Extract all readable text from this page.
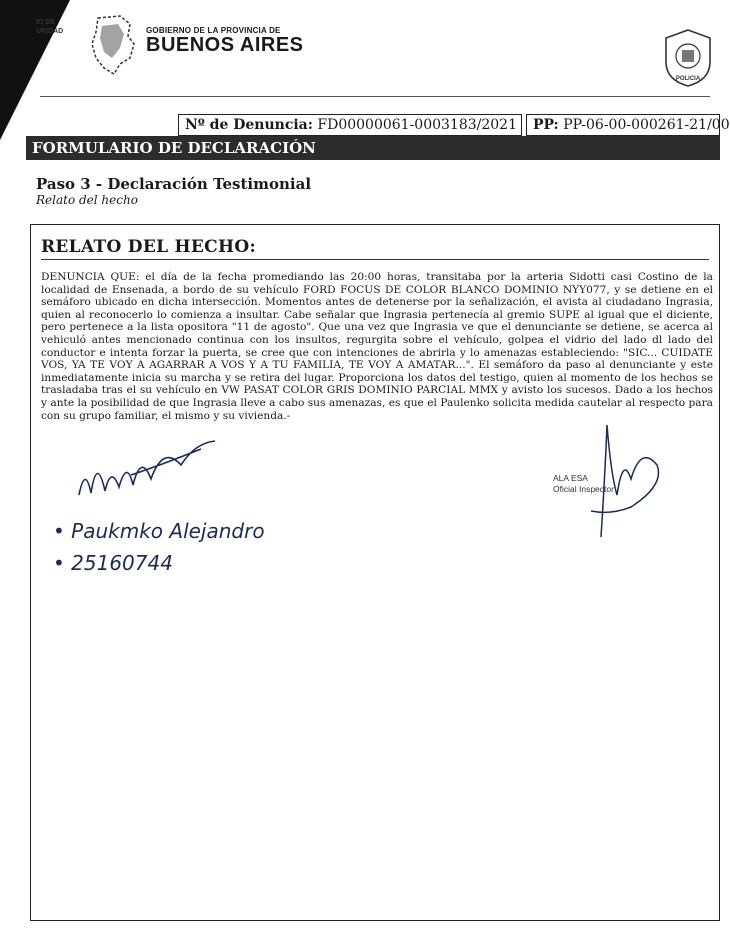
IO DE
URIDAD	GOBIERNO DE LA PROVINCIA DE
BUENOS AIRES
POLICIA
Nº de Denuncia: FD00000061-0003183/2021	PP: PP-06-00-000261-21/00
FORMULARIO DE DECLARACIÓN
Paso 3 - Declaración Testimonial
Relato del hecho
RELATO DEL HECHO:
DENUNCIA QUE: el día de la fecha promediando las 20:00 horas, transitaba por la arteria Sidotti casi Costino de la localidad de Ensenada, a bordo de su vehículo FORD FOCUS DE COLOR BLANCO DOMINIO NYY077, y se detiene en el semáforo ubicado en dicha intersección. Momentos antes de detenerse por la señalización, el avista al ciudadano Ingrasia, quien al reconocerlo lo comienza a insultar. Cabe señalar que Ingrasia pertenecía al gremio SUPE al igual que el diciente, pero pertenece a la lista opositora "11 de agosto". Que una vez que Ingrasia ve que el denunciante se detiene, se acerca al vehiculó antes mencionado continua con los insultos, regurgita sobre el vehículo, golpea el vidrio del lado dl lado del conductor e intenta forzar la puerta, se cree que con intenciones de abrirla y lo amenazas estableciendo: "SIC... CUIDATE VOS, YA TE VOY A AGARRAR A VOS Y A TU FAMILIA, TE VOY A AMATAR...". El semáforo da paso al denunciante y este inmediatamente inicia su marcha y se retira del lugar. Proporciona los datos del testigo, quien al momento de los hechos se trasladaba tras el su vehículo en VW PASAT COLOR GRIS DOMINIO PARCIAL MMX y avisto los sucesos. Dado a los hechos y ante la posibilidad de que Ingrasia lleve a cabo sus amenazas, es que el Paulenko solicita medida cautelar al respecto para con su grupo familiar, el mismo y su vivienda.-
• Paukmko Alejandro
• 25160744
ALA ESA
Oficial Inspector
